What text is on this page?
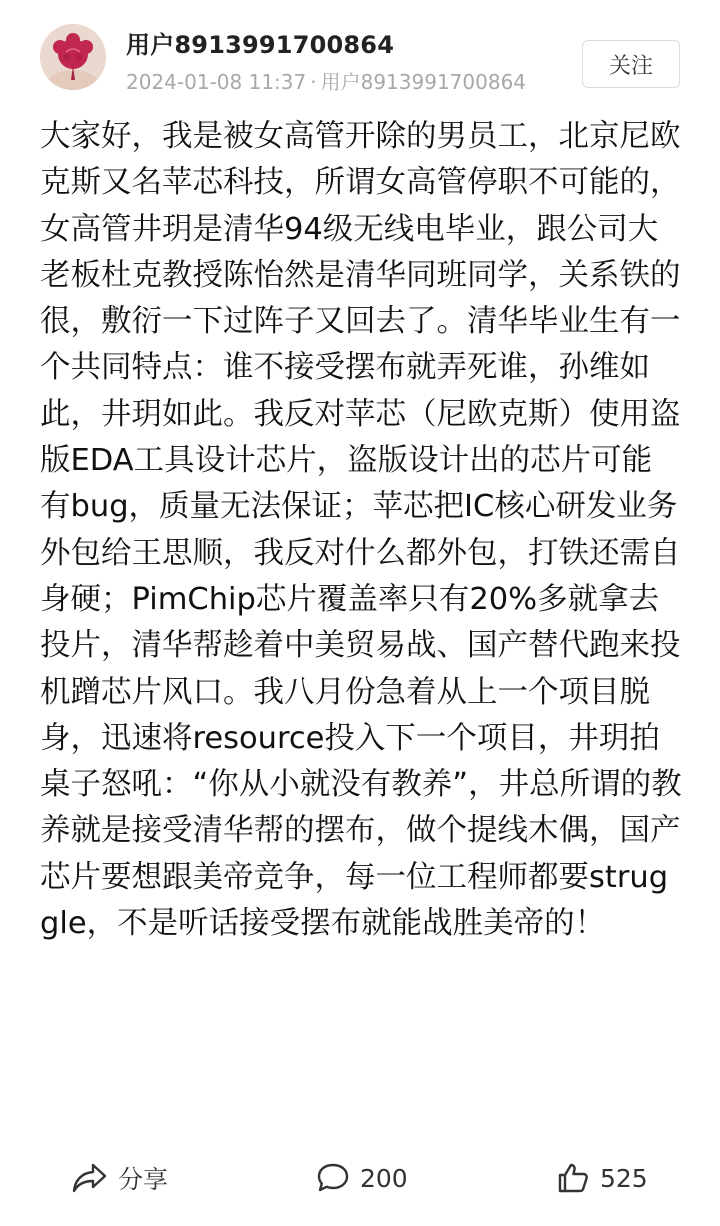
用户8913991700864
2024-01-08 11:37 · 用户8913991700864
关注
大家好，我是被女高管开除的男员工，北京尼欧克斯又名苹芯科技，所谓女高管停职不可能的，女高管井玥是清华94级无线电毕业，跟公司大老板杜克教授陈怡然是清华同班同学，关系铁的很，敷衍一下过阵子又回去了。清华毕业生有一个共同特点：谁不接受摆布就弄死谁，孙维如此，井玥如此。我反对苹芯（尼欧克斯）使用盗版EDA工具设计芯片，盗版设计出的芯片可能有bug，质量无法保证；苹芯把IC核心研发业务外包给王思顺，我反对什么都外包，打铁还需自身硬；PimChip芯片覆盖率只有20%多就拿去投片，清华帮趁着中美贸易战、国产替代跑来投机蹭芯片风口。我八月份急着从上一个项目脱身，迅速将resource投入下一个项目，井玥拍桌子怒吼：“你从小就没有教养”，井总所谓的教养就是接受清华帮的摆布，做个提线木偶，国产芯片要想跟美帝竞争，每一位工程师都要struggle，不是听话接受摆布就能战胜美帝的！
分享	200	525
